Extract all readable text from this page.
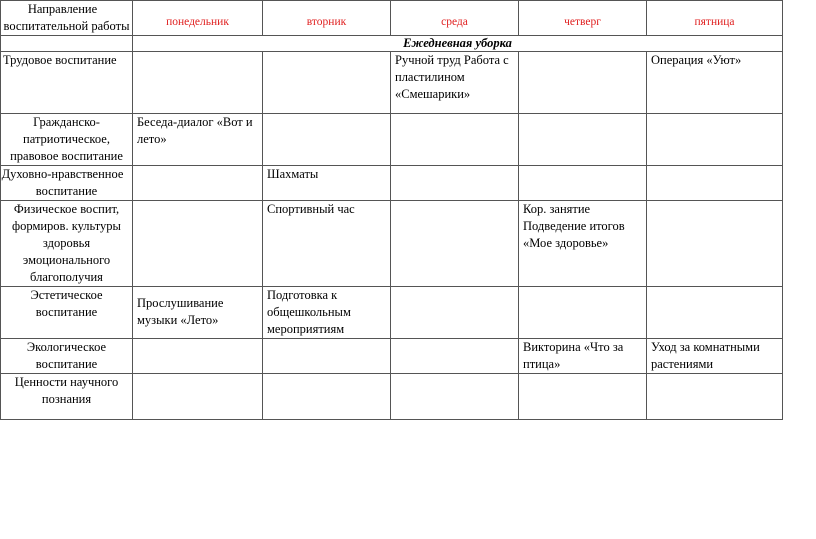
Направление воспитательной работы	понедельник	вторник	среда	четверг	пятница
	Ежедневная уборка				
Трудовое воспитание			Ручной труд Работа с пластилином «Смешарики»		Операция «Уют»
Гражданско-патриотическое, правовое воспитание	Беседа-диалог «Вот и лето»				
Духовно-нравственное воспитание		Шахматы			
Физическое воспит, формиров. культуры здоровья эмоционального благополучия		Спортивный час		Кор. занятие Подведение итогов «Мое здоровье»	
Эстетическое воспитание	Прослушивание музыки «Лето»	Подготовка к общешкольным мероприятиям			
Экологическое воспитание				Викторина «Что за птица»	Уход за комнатными растениями
Ценности научного познания					
